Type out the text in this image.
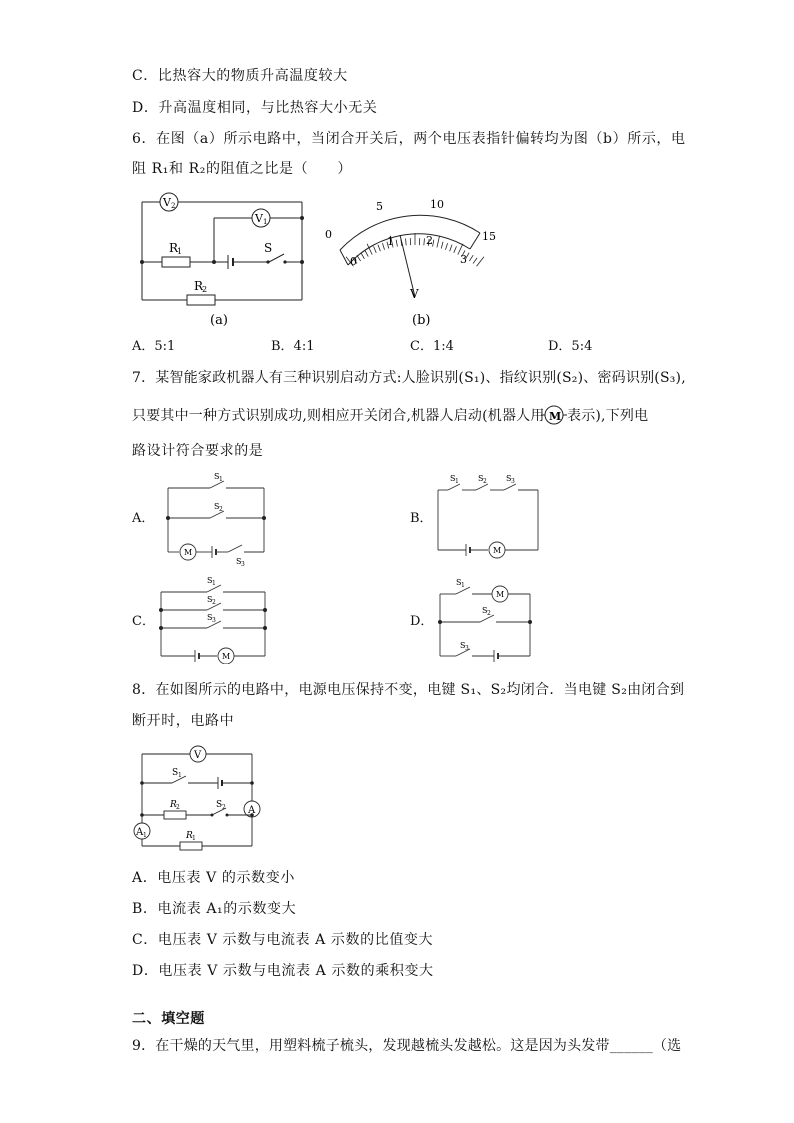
C．比热容大的物质升高温度较大
D．升高温度相同，与比热容大小无关
6．在图（a）所示电路中，当闭合开关后，两个电压表指针偏转均为图（b）所示，电
阻 R₁和 R₂的阻值之比是（　　）
V 2
V 1
R
1	S
R
2
(a)
0
5	10
15
0
1	2
3
V
(b)
A．5:1	B．4:1	C．1:4	D．5:4
7．某智能家政机器人有三种识别启动方式:人脸识别(S₁)、指纹识别(S₂)、密码识别(S₃),
只要其中一种方式识别成功,则相应开关闭合,机器人启动(机器人用 M 表示),下列电
路设计符合要求的是
A．
S 1
S 2
M
S 3
B．
S 1 S 2 S 3
M
C．
S 1
S 2
S 3
M
D．
S 1
M
S 2
S 3
8．在如图所示的电路中，电源电压保持不变，电键 S₁、S₂均闭合．当电键 S₂由闭合到
断开时，电路中
V
A
A 1
S 1
R 2	S 2
R 1
A．电压表 V 的示数变小
B．电流表 A₁的示数变大
C．电压表 V 示数与电流表 A 示数的比值变大
D．电压表 V 示数与电流表 A 示数的乘积变大
二、填空题
9．在干燥的天气里，用塑料梳子梳头，发现越梳头发越松。这是因为头发带______（选
